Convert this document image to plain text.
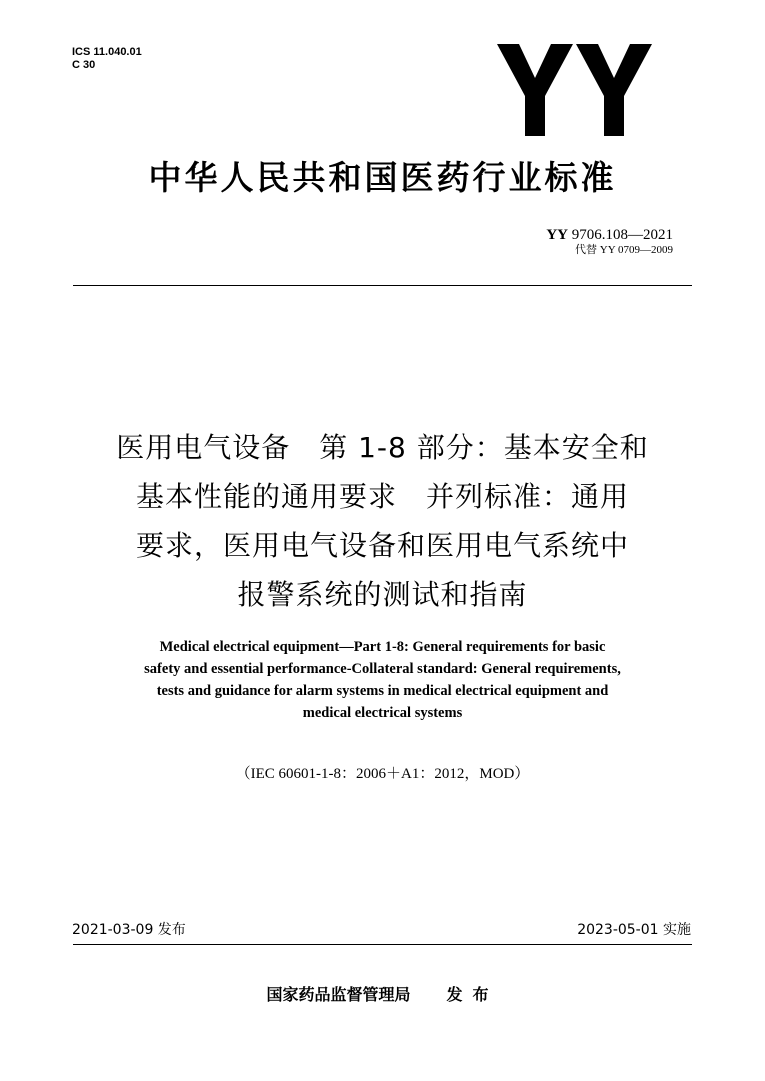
ICS 11.040.01
C 30
中华人民共和国医药行业标准
YY 9706.108—2021
代替 YY 0709—2009
医用电气设备　第 1-8 部分：基本安全和
基本性能的通用要求　并列标准：通用
要求，医用电气设备和医用电气系统中
报警系统的测试和指南
Medical electrical equipment—Part 1-8: General requirements for basic
safety and essential performance-Collateral standard: General requirements,
tests and guidance for alarm systems in medical electrical equipment and
medical electrical systems
（IEC 60601-1-8：2006＋A1：2012，MOD）
2021-03-09 发布	2023-05-01 实施
国家药品监督管理局 发布
